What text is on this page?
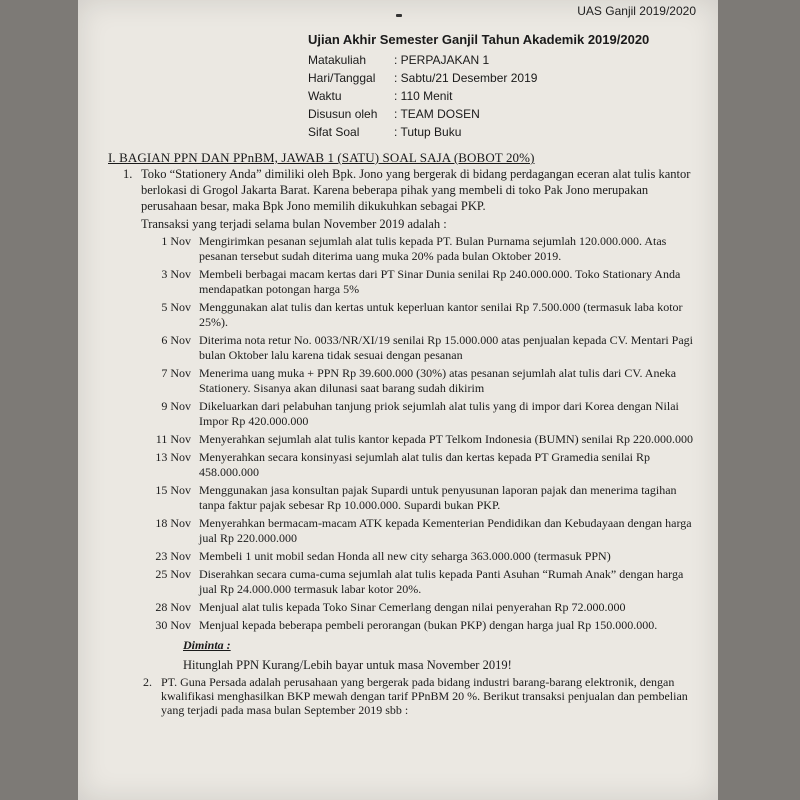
UAS Ganjil 2019/2020
Ujian Akhir Semester Ganjil Tahun Akademik 2019/2020
Matakuliah	: PERPAJAKAN 1
Hari/Tanggal	: Sabtu/21 Desember 2019
Waktu	: 110 Menit
Disusun oleh	: TEAM DOSEN
Sifat Soal	: Tutup Buku
I. BAGIAN PPN DAN PPnBM, JAWAB 1 (SATU) SOAL SAJA (BOBOT 20%)
1. Toko “Stationery Anda” dimiliki oleh Bpk. Jono yang bergerak di bidang perdagangan eceran alat tulis kantor berlokasi di Grogol Jakarta Barat. Karena beberapa pihak yang membeli di toko Pak Jono merupakan perusahaan besar, maka Bpk Jono memilih dikukuhkan sebagai PKP.
Transaksi yang terjadi selama bulan November 2019 adalah :
1 Nov Mengirimkan pesanan sejumlah alat tulis kepada PT. Bulan Purnama sejumlah 120.000.000. Atas pesanan tersebut sudah diterima uang muka 20% pada bulan Oktober 2019.
3 Nov Membeli berbagai macam kertas dari PT Sinar Dunia senilai Rp 240.000.000. Toko Stationary Anda mendapatkan potongan harga 5%
5 Nov Menggunakan alat tulis dan kertas untuk keperluan kantor senilai Rp 7.500.000 (termasuk laba kotor 25%).
6 Nov Diterima nota retur No. 0033/NR/XI/19 senilai Rp 15.000.000 atas penjualan kepada CV. Mentari Pagi bulan Oktober lalu karena tidak sesuai dengan pesanan
7 Nov Menerima uang muka + PPN Rp 39.600.000 (30%) atas pesanan sejumlah alat tulis dari CV. Aneka Stationery. Sisanya akan dilunasi saat barang sudah dikirim
9 Nov Dikeluarkan dari pelabuhan tanjung priok sejumlah alat tulis yang di impor dari Korea dengan Nilai Impor Rp 420.000.000
11 Nov Menyerahkan sejumlah alat tulis kantor kepada PT Telkom Indonesia (BUMN) senilai Rp 220.000.000
13 Nov Menyerahkan secara konsinyasi sejumlah alat tulis dan kertas kepada PT Gramedia senilai Rp 458.000.000
15 Nov Menggunakan jasa konsultan pajak Supardi untuk penyusunan laporan pajak dan menerima tagihan tanpa faktur pajak sebesar Rp 10.000.000. Supardi bukan PKP.
18 Nov Menyerahkan bermacam-macam ATK kepada Kementerian Pendidikan dan Kebudayaan dengan harga jual Rp 220.000.000
23 Nov Membeli 1 unit mobil sedan Honda all new city seharga 363.000.000 (termasuk PPN)
25 Nov Diserahkan secara cuma-cuma sejumlah alat tulis kepada Panti Asuhan “Rumah Anak” dengan harga jual Rp 24.000.000 termasuk labar kotor 20%.
28 Nov Menjual alat tulis kepada Toko Sinar Cemerlang dengan nilai penyerahan Rp 72.000.000
30 Nov Menjual kepada beberapa pembeli perorangan (bukan PKP) dengan harga jual Rp 150.000.000.
Diminta :
Hitunglah PPN Kurang/Lebih bayar untuk masa November 2019!
2. PT. Guna Persada adalah perusahaan yang bergerak pada bidang industri barang-barang elektronik, dengan kwalifikasi menghasilkan BKP mewah dengan tarif PPnBM 20 %. Berikut transaksi penjualan dan pembelian yang terjadi pada masa bulan September 2019 sbb :
